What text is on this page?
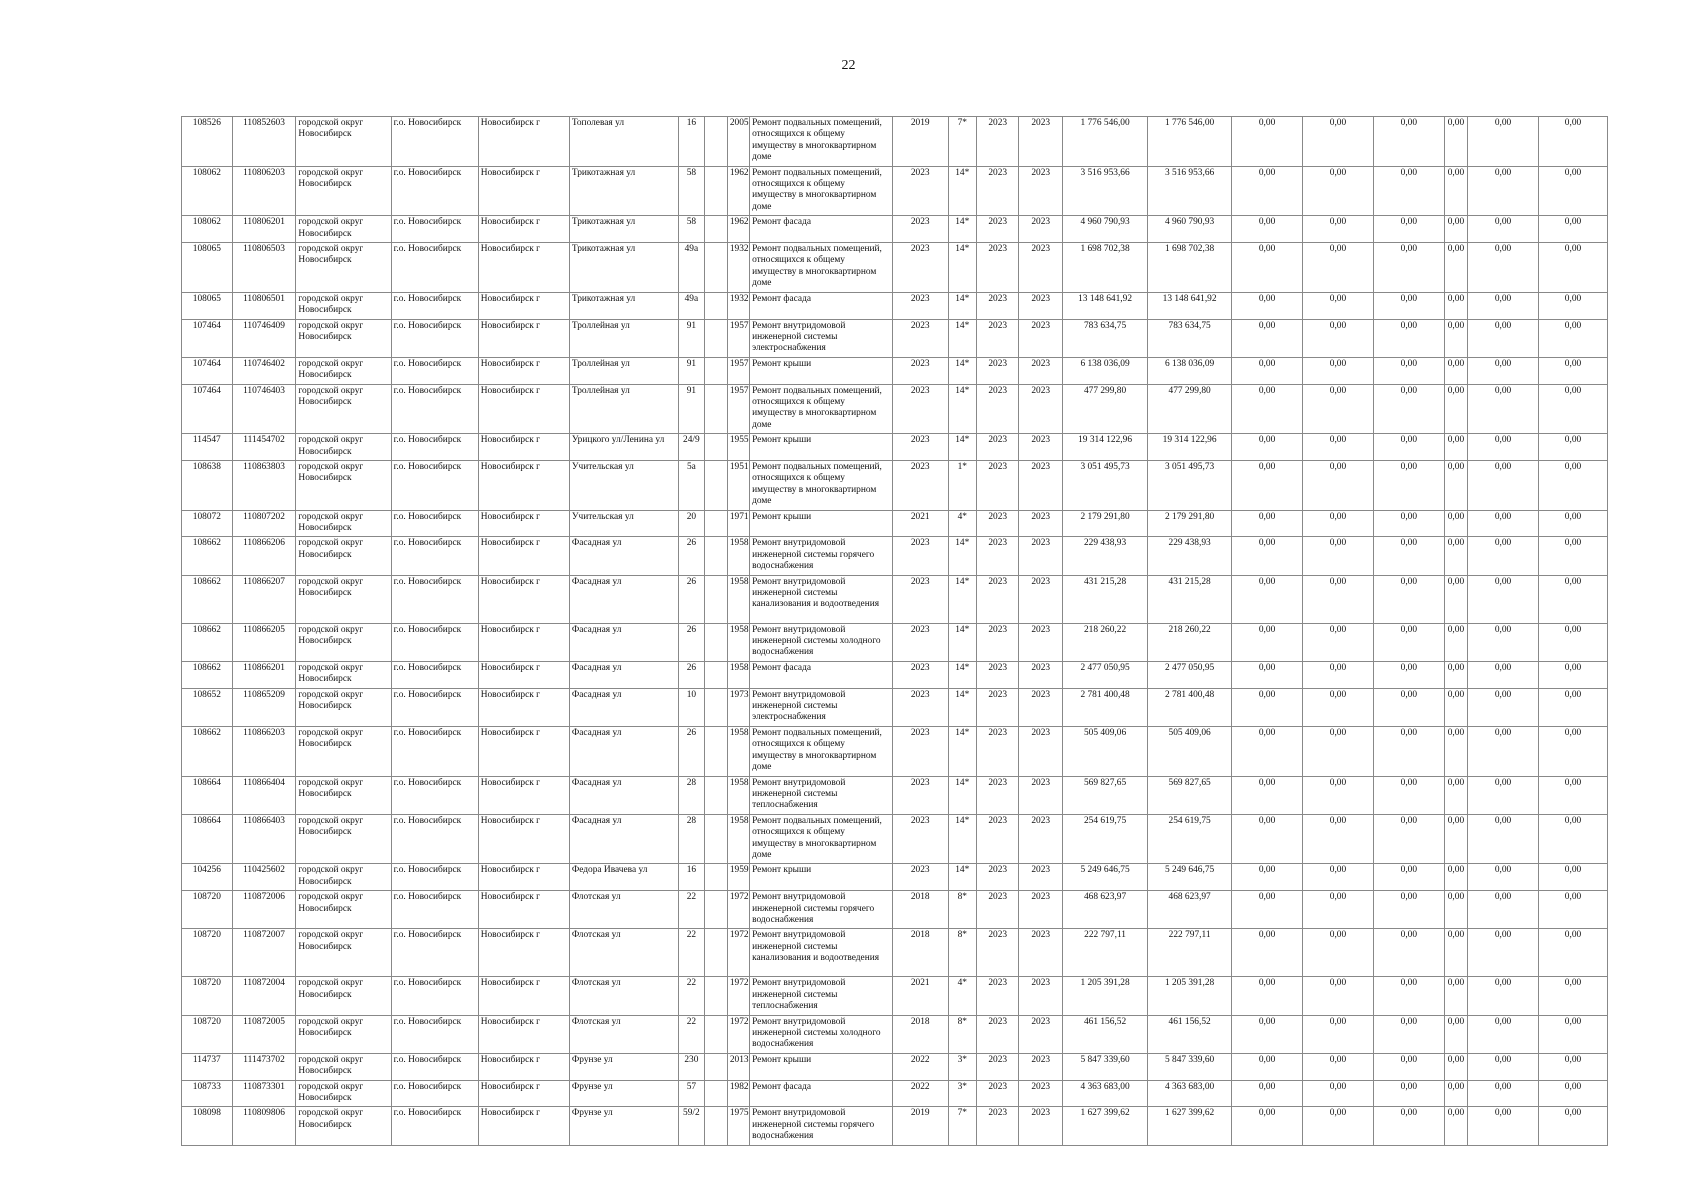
22
108526	110852603	городской округ Новосибирск	г.о. Новосибирск	Новосибирск г	Тополевая ул	16		2005	Ремонт подвальных помещений, относящихся к общему имуществу в многоквартирном доме	2019	7*	2023	2023	1 776 546,00	1 776 546,00	0,00	0,00	0,00	0,00	0,00	0,00
108062	110806203	городской округ Новосибирск	г.о. Новосибирск	Новосибирск г	Трикотажная ул	58		1962	Ремонт подвальных помещений, относящихся к общему имуществу в многоквартирном доме	2023	14*	2023	2023	3 516 953,66	3 516 953,66	0,00	0,00	0,00	0,00	0,00	0,00
108062	110806201	городской округ Новосибирск	г.о. Новосибирск	Новосибирск г	Трикотажная ул	58		1962	Ремонт фасада	2023	14*	2023	2023	4 960 790,93	4 960 790,93	0,00	0,00	0,00	0,00	0,00	0,00
108065	110806503	городской округ Новосибирск	г.о. Новосибирск	Новосибирск г	Трикотажная ул	49а		1932	Ремонт подвальных помещений, относящихся к общему имуществу в многоквартирном доме	2023	14*	2023	2023	1 698 702,38	1 698 702,38	0,00	0,00	0,00	0,00	0,00	0,00
108065	110806501	городской округ Новосибирск	г.о. Новосибирск	Новосибирск г	Трикотажная ул	49а		1932	Ремонт фасада	2023	14*	2023	2023	13 148 641,92	13 148 641,92	0,00	0,00	0,00	0,00	0,00	0,00
107464	110746409	городской округ Новосибирск	г.о. Новосибирск	Новосибирск г	Троллейная ул	91		1957	Ремонт внутридомовой инженерной системы электроснабжения	2023	14*	2023	2023	783 634,75	783 634,75	0,00	0,00	0,00	0,00	0,00	0,00
107464	110746402	городской округ Новосибирск	г.о. Новосибирск	Новосибирск г	Троллейная ул	91		1957	Ремонт крыши	2023	14*	2023	2023	6 138 036,09	6 138 036,09	0,00	0,00	0,00	0,00	0,00	0,00
107464	110746403	городской округ Новосибирск	г.о. Новосибирск	Новосибирск г	Троллейная ул	91		1957	Ремонт подвальных помещений, относящихся к общему имуществу в многоквартирном доме	2023	14*	2023	2023	477 299,80	477 299,80	0,00	0,00	0,00	0,00	0,00	0,00
114547	111454702	городской округ Новосибирск	г.о. Новосибирск	Новосибирск г	Урицкого ул/Ленина ул	24/9		1955	Ремонт крыши	2023	14*	2023	2023	19 314 122,96	19 314 122,96	0,00	0,00	0,00	0,00	0,00	0,00
108638	110863803	городской округ Новосибирск	г.о. Новосибирск	Новосибирск г	Учительская ул	5а		1951	Ремонт подвальных помещений, относящихся к общему имуществу в многоквартирном доме	2023	1*	2023	2023	3 051 495,73	3 051 495,73	0,00	0,00	0,00	0,00	0,00	0,00
108072	110807202	городской округ Новосибирск	г.о. Новосибирск	Новосибирск г	Учительская ул	20		1971	Ремонт крыши	2021	4*	2023	2023	2 179 291,80	2 179 291,80	0,00	0,00	0,00	0,00	0,00	0,00
108662	110866206	городской округ Новосибирск	г.о. Новосибирск	Новосибирск г	Фасадная ул	26		1958	Ремонт внутридомовой инженерной системы горячего водоснабжения	2023	14*	2023	2023	229 438,93	229 438,93	0,00	0,00	0,00	0,00	0,00	0,00
108662	110866207	городской округ Новосибирск	г.о. Новосибирск	Новосибирск г	Фасадная ул	26		1958	Ремонт внутридомовой инженерной системы канализования и водоотведения	2023	14*	2023	2023	431 215,28	431 215,28	0,00	0,00	0,00	0,00	0,00	0,00
108662	110866205	городской округ Новосибирск	г.о. Новосибирск	Новосибирск г	Фасадная ул	26		1958	Ремонт внутридомовой инженерной системы холодного водоснабжения	2023	14*	2023	2023	218 260,22	218 260,22	0,00	0,00	0,00	0,00	0,00	0,00
108662	110866201	городской округ Новосибирск	г.о. Новосибирск	Новосибирск г	Фасадная ул	26		1958	Ремонт фасада	2023	14*	2023	2023	2 477 050,95	2 477 050,95	0,00	0,00	0,00	0,00	0,00	0,00
108652	110865209	городской округ Новосибирск	г.о. Новосибирск	Новосибирск г	Фасадная ул	10		1973	Ремонт внутридомовой инженерной системы электроснабжения	2023	14*	2023	2023	2 781 400,48	2 781 400,48	0,00	0,00	0,00	0,00	0,00	0,00
108662	110866203	городской округ Новосибирск	г.о. Новосибирск	Новосибирск г	Фасадная ул	26		1958	Ремонт подвальных помещений, относящихся к общему имуществу в многоквартирном доме	2023	14*	2023	2023	505 409,06	505 409,06	0,00	0,00	0,00	0,00	0,00	0,00
108664	110866404	городской округ Новосибирск	г.о. Новосибирск	Новосибирск г	Фасадная ул	28		1958	Ремонт внутридомовой инженерной системы теплоснабжения	2023	14*	2023	2023	569 827,65	569 827,65	0,00	0,00	0,00	0,00	0,00	0,00
108664	110866403	городской округ Новосибирск	г.о. Новосибирск	Новосибирск г	Фасадная ул	28		1958	Ремонт подвальных помещений, относящихся к общему имуществу в многоквартирном доме	2023	14*	2023	2023	254 619,75	254 619,75	0,00	0,00	0,00	0,00	0,00	0,00
104256	110425602	городской округ Новосибирск	г.о. Новосибирск	Новосибирск г	Федора Ивачева ул	16		1959	Ремонт крыши	2023	14*	2023	2023	5 249 646,75	5 249 646,75	0,00	0,00	0,00	0,00	0,00	0,00
108720	110872006	городской округ Новосибирск	г.о. Новосибирск	Новосибирск г	Флотская ул	22		1972	Ремонт внутридомовой инженерной системы горячего водоснабжения	2018	8*	2023	2023	468 623,97	468 623,97	0,00	0,00	0,00	0,00	0,00	0,00
108720	110872007	городской округ Новосибирск	г.о. Новосибирск	Новосибирск г	Флотская ул	22		1972	Ремонт внутридомовой инженерной системы канализования и водоотведения	2018	8*	2023	2023	222 797,11	222 797,11	0,00	0,00	0,00	0,00	0,00	0,00
108720	110872004	городской округ Новосибирск	г.о. Новосибирск	Новосибирск г	Флотская ул	22		1972	Ремонт внутридомовой инженерной системы теплоснабжения	2021	4*	2023	2023	1 205 391,28	1 205 391,28	0,00	0,00	0,00	0,00	0,00	0,00
108720	110872005	городской округ Новосибирск	г.о. Новосибирск	Новосибирск г	Флотская ул	22		1972	Ремонт внутридомовой инженерной системы холодного водоснабжения	2018	8*	2023	2023	461 156,52	461 156,52	0,00	0,00	0,00	0,00	0,00	0,00
114737	111473702	городской округ Новосибирск	г.о. Новосибирск	Новосибирск г	Фрунзе ул	230		2013	Ремонт крыши	2022	3*	2023	2023	5 847 339,60	5 847 339,60	0,00	0,00	0,00	0,00	0,00	0,00
108733	110873301	городской округ Новосибирск	г.о. Новосибирск	Новосибирск г	Фрунзе ул	57		1982	Ремонт фасада	2022	3*	2023	2023	4 363 683,00	4 363 683,00	0,00	0,00	0,00	0,00	0,00	0,00
108098	110809806	городской округ Новосибирск	г.о. Новосибирск	Новосибирск г	Фрунзе ул	59/2		1975	Ремонт внутридомовой инженерной системы горячего водоснабжения	2019	7*	2023	2023	1 627 399,62	1 627 399,62	0,00	0,00	0,00	0,00	0,00	0,00
